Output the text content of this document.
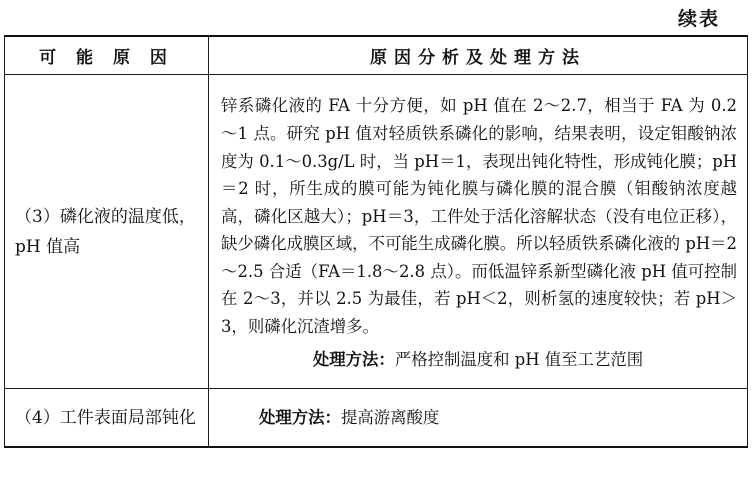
续表
可 能 原 因	原因分析及处理方法
（3）磷化液的温度低，pH 值高	锌系磷化液的 FA 十分方便，如 pH 值在 2～2.7，相当于 FA 为 0.2～1 点。研究 pH 值对轻质铁系磷化的影响，结果表明，设定钼酸钠浓度为 0.1～0.3g/L 时，当 pH＝1，表现出钝化特性，形成钝化膜；pH＝2 时，所生成的膜可能为钝化膜与磷化膜的混合膜（钼酸钠浓度越高，磷化区越大）；pH＝3，工件处于活化溶解状态（没有电位正移），缺少磷化成膜区域，不可能生成磷化膜。所以轻质铁系磷化液的 pH＝2～2.5 合适（FA＝1.8～2.8 点）。而低温锌系新型磷化液 pH 值可控制在 2～3，并以 2.5 为最佳，若 pH＜2，则析氢的速度较快；若 pH＞3，则磷化沉渣增多。
处理方法：严格控制温度和 pH 值至工艺范围

（4）工件表面局部钝化	处理方法：提高游离酸度
